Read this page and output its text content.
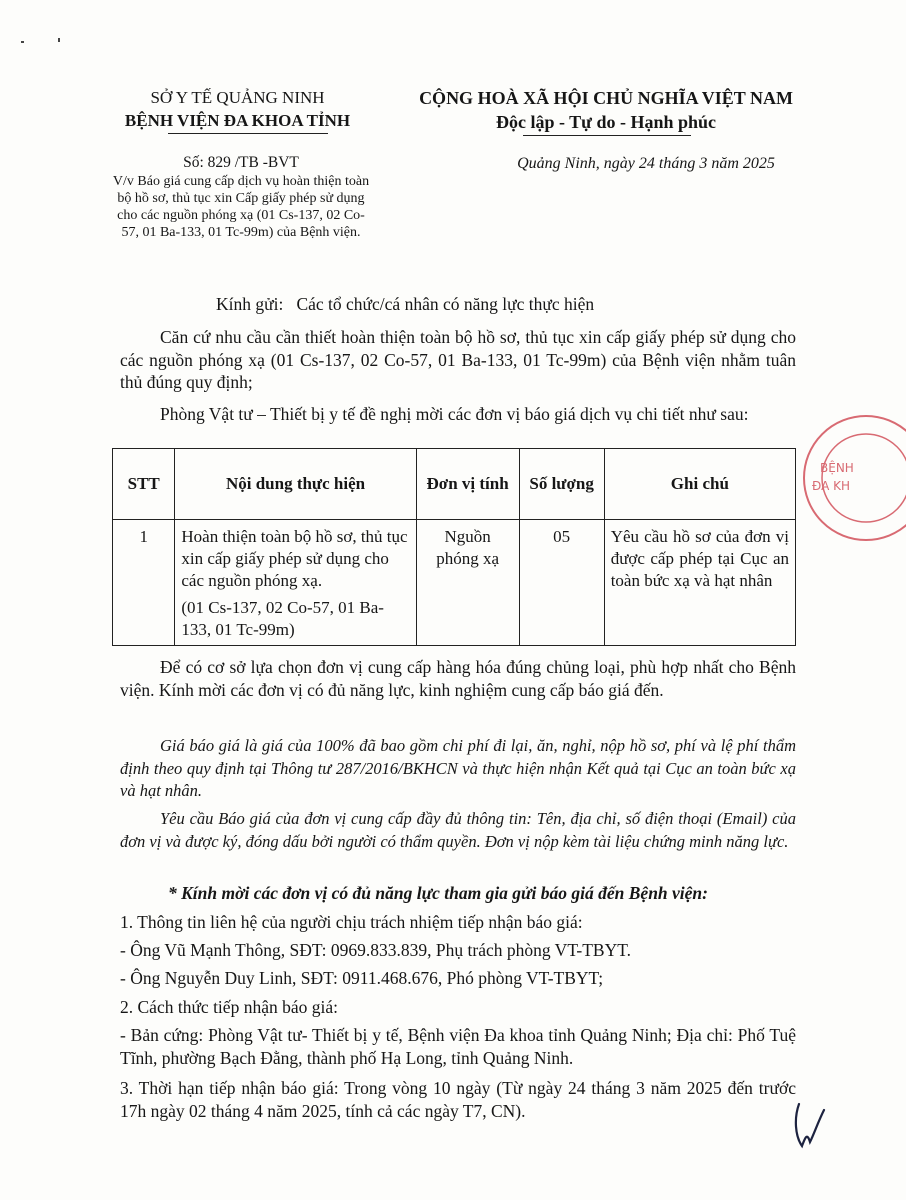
SỞ Y TẾ QUẢNG NINH
BỆNH VIỆN ĐA KHOA TỈNH
CỘNG HOÀ XÃ HỘI CHỦ NGHĨA VIỆT NAM
Độc lập - Tự do - Hạnh phúc
Số: 829 /TB -BVT
V/v Báo giá cung cấp dịch vụ hoàn thiện toàn bộ hồ sơ, thủ tục xin Cấp giấy phép sử dụng cho các nguồn phóng xạ (01 Cs-137, 02 Co-57, 01 Ba-133, 01 Tc-99m) của Bệnh viện.
Quảng Ninh, ngày 24 tháng 3 năm 2025
Kính gửi:   Các tổ chức/cá nhân có năng lực thực hiện
Căn cứ nhu cầu cần thiết hoàn thiện toàn bộ hồ sơ, thủ tục xin cấp giấy phép sử dụng cho các nguồn phóng xạ (01 Cs-137, 02 Co-57, 01 Ba-133, 01 Tc-99m) của Bệnh viện nhằm tuân thủ đúng quy định;
Phòng Vật tư – Thiết bị y tế đề nghị mời các đơn vị báo giá dịch vụ chi tiết như sau:
STT	Nội dung thực hiện	Đơn vị tính	Số lượng	Ghi chú
1	Hoàn thiện toàn bộ hồ sơ, thủ tục xin cấp giấy phép sử dụng cho các nguồn phóng xạ.
(01 Cs-137, 02 Co-57, 01 Ba-133, 01 Tc-99m)	Nguồn phóng xạ	05	Yêu cầu hồ sơ của đơn vị được cấp phép tại Cục an toàn bức xạ và hạt nhân
Để có cơ sở lựa chọn đơn vị cung cấp hàng hóa đúng chủng loại, phù hợp nhất cho Bệnh viện. Kính mời các đơn vị có đủ năng lực, kinh nghiệm cung cấp báo giá đến.
Giá báo giá là giá của 100% đã bao gồm chi phí đi lại, ăn, nghỉ, nộp hồ sơ, phí và lệ phí thẩm định theo quy định tại Thông tư 287/2016/BKHCN và thực hiện nhận Kết quả tại Cục an toàn bức xạ và hạt nhân.
Yêu cầu Báo giá của đơn vị cung cấp đầy đủ thông tin: Tên, địa chỉ, số điện thoại (Email) của đơn vị và được ký, đóng dấu bởi người có thẩm quyền. Đơn vị nộp kèm tài liệu chứng minh năng lực.
* Kính mời các đơn vị có đủ năng lực tham gia gửi báo giá đến Bệnh viện:
1. Thông tin liên hệ của người chịu trách nhiệm tiếp nhận báo giá:
- Ông Vũ Mạnh Thông, SĐT: 0969.833.839, Phụ trách phòng VT-TBYT.
- Ông Nguyễn Duy Linh, SĐT: 0911.468.676, Phó phòng VT-TBYT;
2. Cách thức tiếp nhận báo giá:
- Bản cứng: Phòng Vật tư- Thiết bị y tế, Bệnh viện Đa khoa tỉnh Quảng Ninh; Địa chỉ: Phố Tuệ Tĩnh, phường Bạch Đằng, thành phố Hạ Long, tỉnh Quảng Ninh.
3. Thời hạn tiếp nhận báo giá: Trong vòng 10 ngày (Từ ngày 24 tháng 3 năm 2025 đến trước 17h ngày 02 tháng 4 năm 2025, tính cả các ngày T7, CN).
BỆNH
ĐA KH
